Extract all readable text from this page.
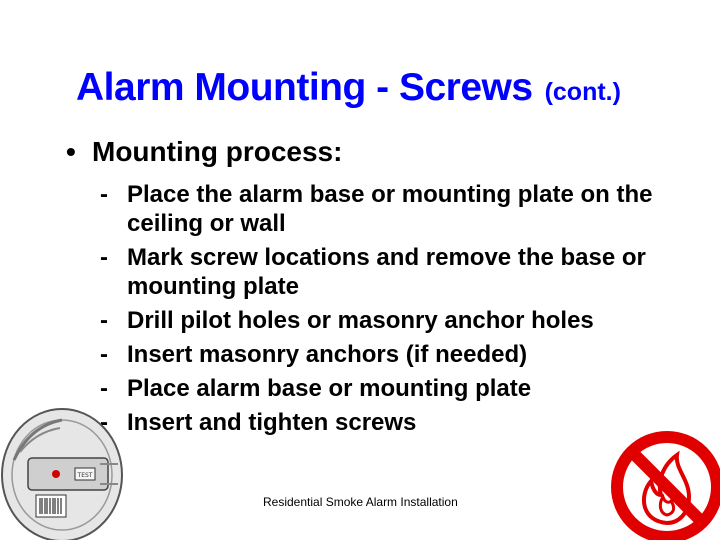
Alarm Mounting - Screws (cont.)
• Mounting process:
- Place the alarm base or mounting plate on the ceiling or wall
- Mark screw locations and remove the base or mounting plate
- Drill pilot holes or masonry anchor holes
- Insert masonry anchors (if needed)
- Place alarm base or mounting plate
- Insert and tighten screws
TEST
Residential Smoke Alarm Installation
